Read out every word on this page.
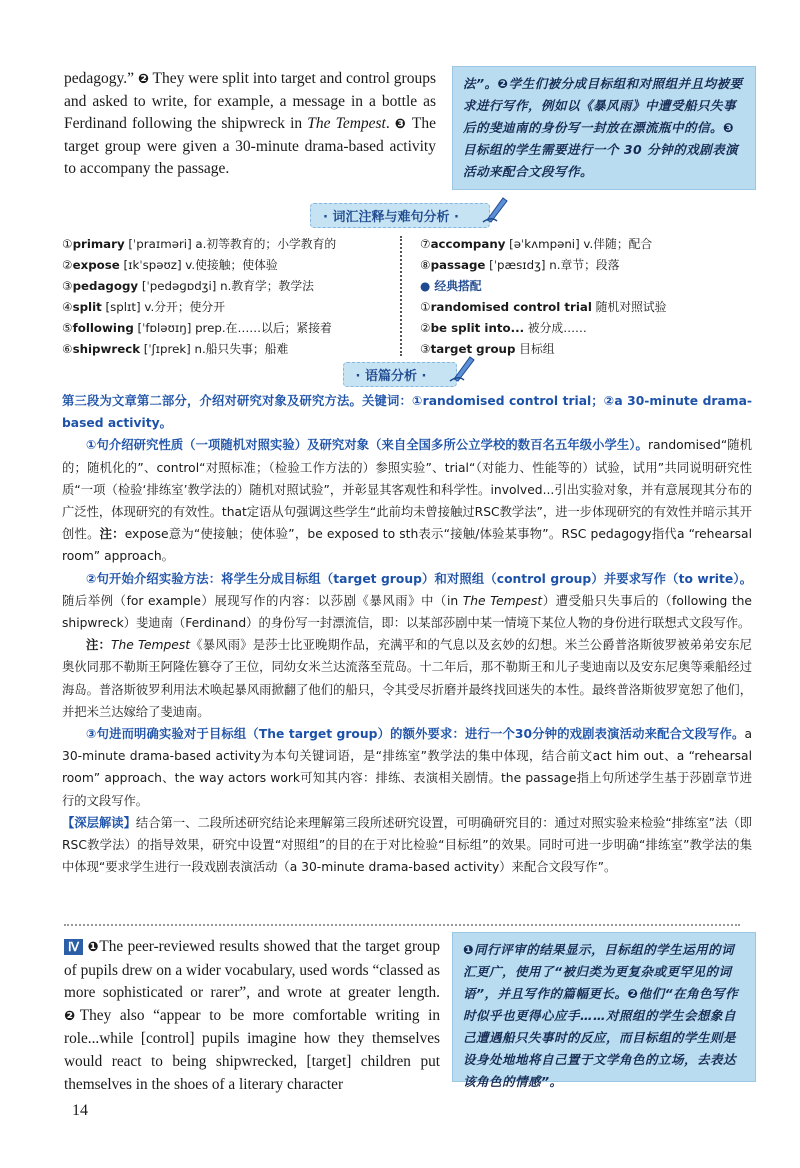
pedagogy.” ❷ They were split into target and control groups and asked to write, for example, a message in a bottle as Ferdinand following the shipwreck in The Tempest. ❸ The target group were given a 30-minute drama-based activity to accompany the passage.
法”。❷学生们被分成目标组和对照组并且均被要求进行写作，例如以《暴风雨》中遭受船只失事后的斐迪南的身份写一封放在漂流瓶中的信。❸目标组的学生需要进行一个 30 分钟的戏剧表演活动来配合文段写作。
· 词汇注释与难句分析 ·
①primary [ˈpraɪməri] a.初等教育的；小学教育的
②expose [ɪkˈspəʊz] v.使接触；使体验
③pedagogy [ˈpedəɡɒdʒi] n.教育学；教学法
④split [splɪt] v.分开；使分开
⑤following [ˈfɒləʊɪŋ] prep.在……以后；紧接着
⑥shipwreck [ˈʃɪprek] n.船只失事；船难
⑦accompany [əˈkʌmpəni] v.伴随；配合
⑧passage [ˈpæsɪdʒ] n.章节；段落
● 经典搭配
①randomised control trial 随机对照试验
②be split into... 被分成……
③target group 目标组
· 语篇分析 ·

第三段为文章第二部分，介绍对研究对象及研究方法。关键词：①randomised control trial；②a 30-minute drama-based activity。

①句介绍研究性质（一项随机对照实验）及研究对象（来自全国多所公立学校的数百名五年级小学生）。randomised“随机的；随机化的”、control“对照标准；（检验工作方法的）参照实验”、trial“（对能力、性能等的）试验，试用”共同说明研究性质“一项（检验‘排练室’教学法的）随机对照试验”，并彰显其客观性和科学性。involved...引出实验对象，并有意展现其分布的广泛性，体现研究的有效性。that定语从句强调这些学生“此前均未曾接触过RSC教学法”，进一步体现研究的有效性并暗示其开创性。注：expose意为“使接触；使体验”，be exposed to sth表示“接触/体验某事物”。RSC pedagogy指代a “rehearsal room” approach。

②句开始介绍实验方法：将学生分成目标组（target group）和对照组（control group）并要求写作（to write）。随后举例（for example）展现写作的内容：以莎剧《暴风雨》中（in The Tempest）遭受船只失事后的（following the shipwreck）斐迪南（Ferdinand）的身份写一封漂流信，即：以某部莎剧中某一情境下某位人物的身份进行联想式文段写作。

注：The Tempest《暴风雨》是莎士比亚晚期作品，充满平和的气息以及玄妙的幻想。米兰公爵普洛斯彼罗被弟弟安东尼奥伙同那不勒斯王阿隆佐篡夺了王位，同幼女米兰达流落至荒岛。十二年后，那不勒斯王和儿子斐迪南以及安东尼奥等乘船经过海岛。普洛斯彼罗利用法术唤起暴风雨掀翻了他们的船只，令其受尽折磨并最终找回迷失的本性。最终普洛斯彼罗宽恕了他们，并把米兰达嫁给了斐迪南。

③句进而明确实验对于目标组（The target group）的额外要求：进行一个30分钟的戏剧表演活动来配合文段写作。a 30-minute drama-based activity为本句关键词语，是“排练室”教学法的集中体现，结合前文act him out、a “rehearsal room” approach、the way actors work可知其内容：排练、表演相关剧情。the passage指上句所述学生基于莎剧章节进行的文段写作。

【深层解读】结合第一、二段所述研究结论来理解第三段所述研究设置，可明确研究目的：通过对照实验来检验“排练室”法（即RSC教学法）的指导效果，研究中设置“对照组”的目的在于对比检验“目标组”的效果。同时可进一步明确“排练室”教学法的集中体现“要求学生进行一段戏剧表演活动（a 30-minute drama-based activity）来配合文段写作”。

Ⅳ ❶The peer-reviewed results showed that the target group of pupils drew on a wider vocabulary, used words “classed as more sophisticated or rarer”, and wrote at greater length. ❷They also “appear to be more comfortable writing in role...while [control] pupils imagine how they themselves would react to being shipwrecked, [target] children put themselves in the shoes of a literary character
❶同行评审的结果显示，目标组的学生运用的词汇更广，使用了“被归类为更复杂或更罕见的词语”，并且写作的篇幅更长。❷他们“在角色写作时似乎也更得心应手……对照组的学生会想象自己遭遇船只失事时的反应，而目标组的学生则是设身处地地将自己置于文学角色的立场，去表达该角色的情感”。
14
